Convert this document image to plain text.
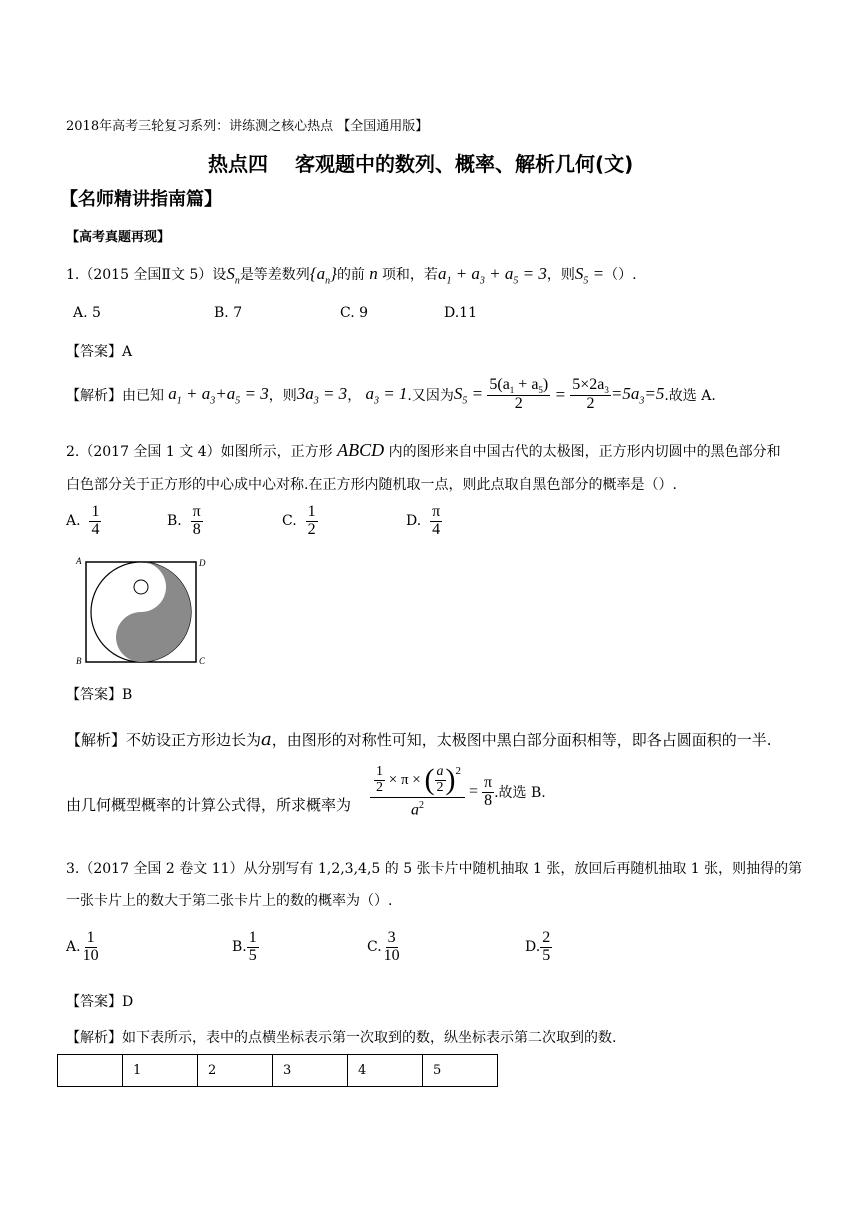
2018年高考三轮复习系列：讲练测之核心热点 【全国通用版】
热点四　 客观题中的数列、概率、解析几何(文)
【名师精讲指南篇】
【高考真题再现】
1.（2015 全国Ⅱ文 5）设$S_n$是等差数列$\{a_n\}$的前 n 项和，若$a_1 + a_3 + a_5 = 3$，则$S_5$ =（）.
A. 5	B. 7	C. 9	D.11
【答案】A
【解析】由已知 $a_1 + a_3+a_5 = 3$ ，则 $3a_3 = 3$ ， $a_3 = 1$ .又因为 $S_5 = \frac{5(a_1 + a_5)}{2} = \frac{5\times 2a_3}{2} =5a_3=5$ .故选 A.
2.（2017 全国 1 文 4）如图所示，正方形 ABCD 内的图形来自中国古代的太极图，正方形内切圆中的黑色部分和
白色部分关于正方形的中心成中心对称.在正方形内随机取一点，则此点取自黑色部分的概率是（）.
A.
$\frac{1}{4}$	B.
$\frac{\pi}{8}$	C.
$\frac{1}{2}$	D.
$\frac{\pi}{4}$
A	D
B	C
【答案】B
【解析】不妨设正方形边长为a，由图形的对称性可知，太极图中黑白部分面积相等，即各占圆面积的一半.
由几何概型概率的计算公式得，所求概率为 $\frac{\frac{1}{2} \times \pi \times ( \frac{a}{2} )^2}{a^2} = \frac{\pi}{8}$ .故选 B.
3.（2017 全国 2 卷文 11）从分别写有 1,2,3,4,5 的 5 张卡片中随机抽取 1 张，放回后再随机抽取 1 张，则抽得的第
一张卡片上的数大于第二张卡片上的数的概率为（）.
A. $\frac{1}{10}$	B. $\frac{1}{5}$	C. $\frac{3}{10}$	D. $\frac{2}{5}$
【答案】D
【解析】如下表所示，表中的点横坐标表示第一次取到的数，纵坐标表示第二次取到的数.
	1	2	3	4	5
